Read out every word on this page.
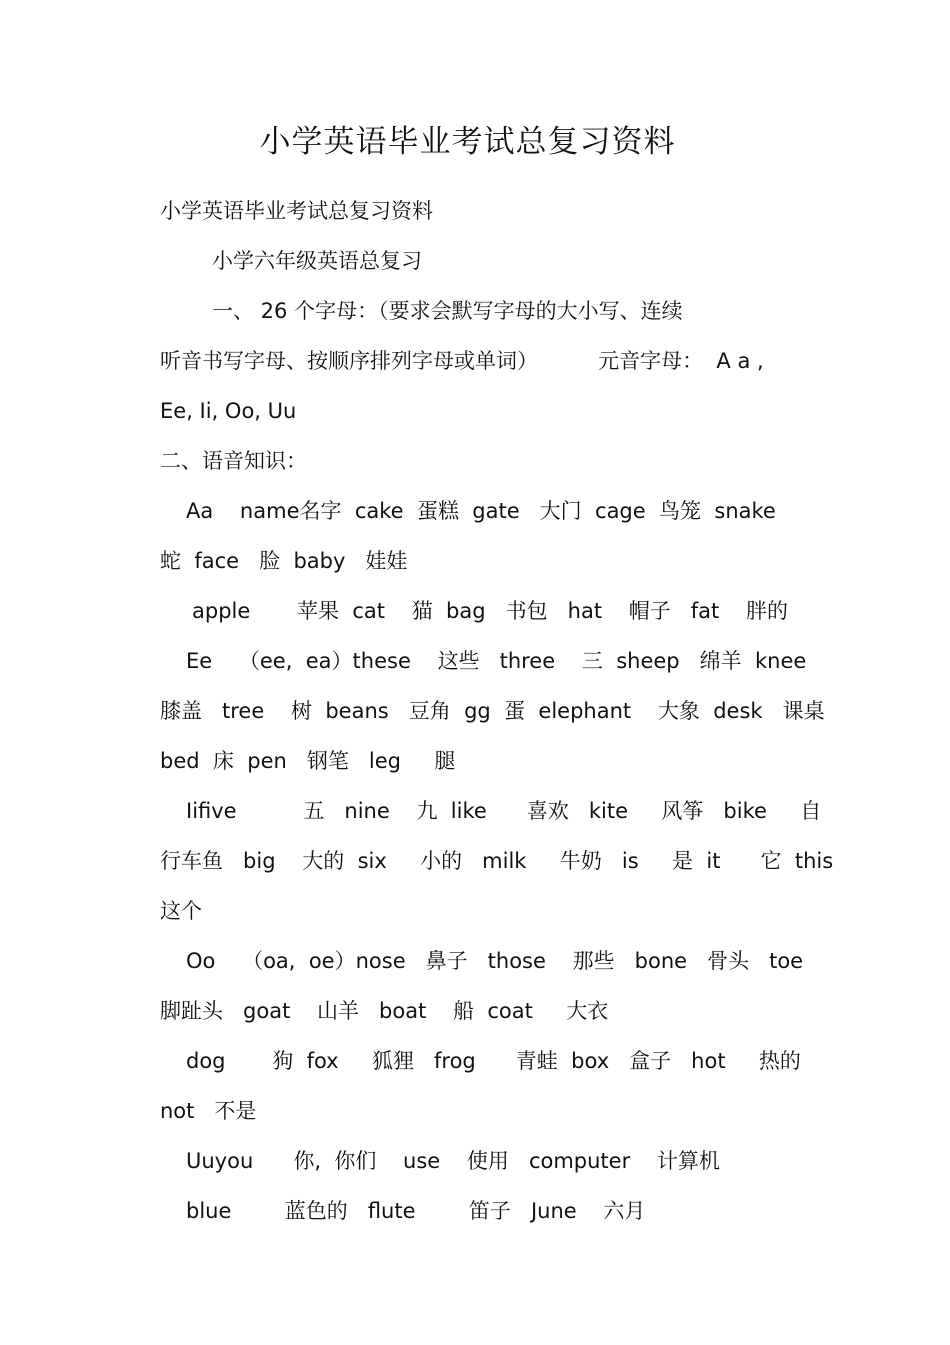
小学英语毕业考试总复习资料
小学英语毕业考试总复习资料
小学六年级英语总复习
一、 26 个字母：（要求会默写字母的大小写、连续
听音书写字母、按顺序排列字母或单词）         元音字母：  A a ,
Ee, Ii, Oo, Uu
二、语音知识：
Aa    name名字  cake  蛋糕  gate   大门  cage  鸟笼  snake
蛇  face   脸  baby   娃娃
apple       苹果  cat    猫  bag   书包   hat    帽子   fat    胖的
Ee    （ee,  ea）these    这些   three    三  sheep   绵羊  knee
膝盖   tree    树  beans   豆角  gg  蛋  elephant    大象  desk   课桌
bed  床  pen   钢笔   leg     腿
Iifive          五   nine    九  like      喜欢   kite     风筝   bike     自
行车鱼   big    大的  six     小的   milk     牛奶   is     是  it      它  this
这个
Oo    （oa,  oe）nose   鼻子   those    那些   bone   骨头   toe
脚趾头   goat    山羊   boat    船  coat     大衣
dog       狗  fox     狐狸   frog      青蛙  box   盒子   hot     热的
not   不是
Uuyou      你,  你们    use    使用   computer    计算机
blue        蓝色的   flute        笛子   June    六月
